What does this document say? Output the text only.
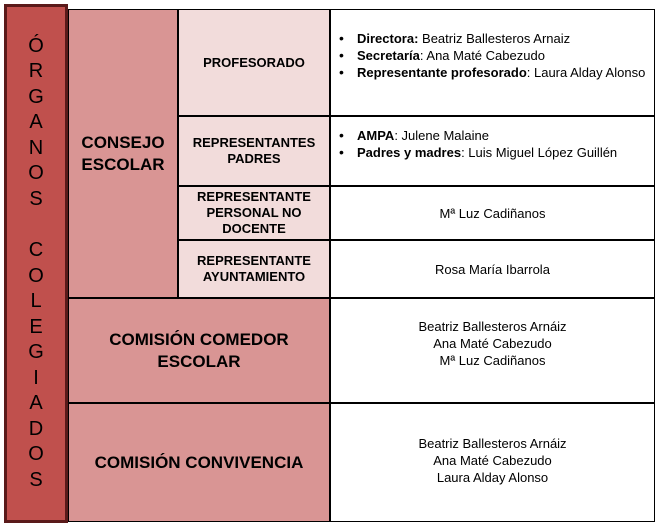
Ó
R
G
A
N
O
S
C
O
L
E
G
I
A
D
O
S
CONSEJO
ESCOLAR
PROFESORADO
• Directora: Beatriz Ballesteros Arnaiz
• Secretaría: Ana Maté Cabezudo
• Representante profesorado: Laura Alday Alonso
REPRESENTANTES
PADRES
• AMPA: Julene Malaine
• Padres y madres: Luis Miguel López Guillén
REPRESENTANTE
PERSONAL NO
DOCENTE
Mª Luz Cadiñanos
REPRESENTANTE
AYUNTAMIENTO	Rosa María Ibarrola
COMISIÓN COMEDOR
ESCOLAR
Beatriz Ballesteros Arnáiz
Ana Maté Cabezudo
Mª Luz Cadiñanos
COMISIÓN CONVIVENCIA
Beatriz Ballesteros Arnáiz
Ana Maté Cabezudo
Laura Alday Alonso
